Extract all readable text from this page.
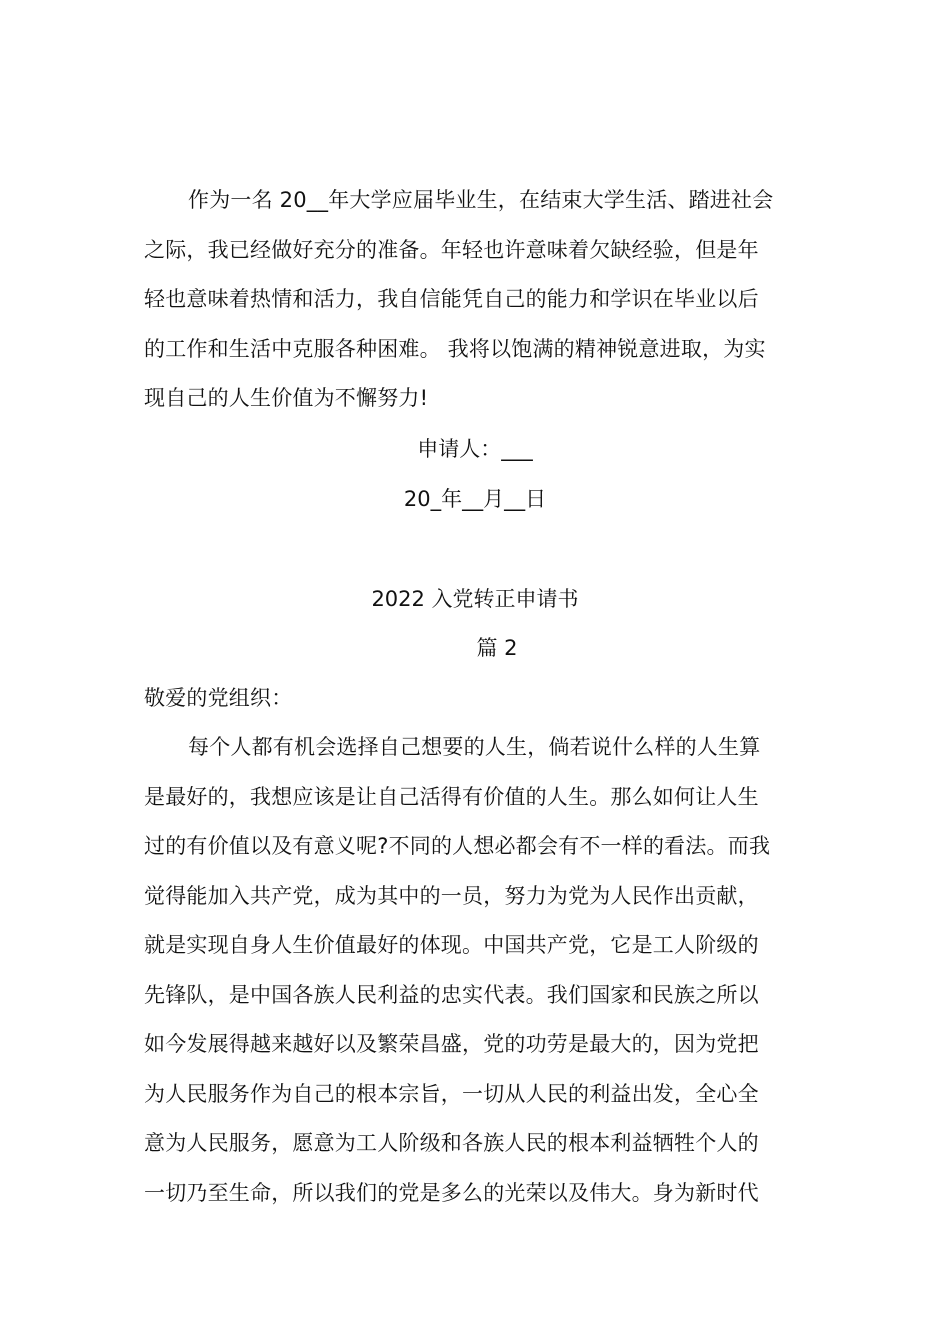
作为一名 20__年大学应届毕业生，在结束大学生活、踏进社会
之际，我已经做好充分的准备。年轻也许意味着欠缺经验，但是年
轻也意味着热情和活力，我自信能凭自己的能力和学识在毕业以后
的工作和生活中克服各种困难。 我将以饱满的精神锐意进取，为实
现自己的人生价值为不懈努力!
申请人：___
20_年__月__日
2022 入党转正申请书
篇 2
敬爱的党组织：
每个人都有机会选择自己想要的人生，倘若说什么样的人生算
是最好的，我想应该是让自己活得有价值的人生。那么如何让人生
过的有价值以及有意义呢?不同的人想必都会有不一样的看法。而我
觉得能加入共产党，成为其中的一员，努力为党为人民作出贡献，
就是实现自身人生价值最好的体现。中国共产党，它是工人阶级的
先锋队，是中国各族人民利益的忠实代表。我们国家和民族之所以
如今发展得越来越好以及繁荣昌盛，党的功劳是最大的，因为党把
为人民服务作为自己的根本宗旨，一切从人民的利益出发，全心全
意为人民服务，愿意为工人阶级和各族人民的根本利益牺牲个人的
一切乃至生命，所以我们的党是多么的光荣以及伟大。身为新时代
